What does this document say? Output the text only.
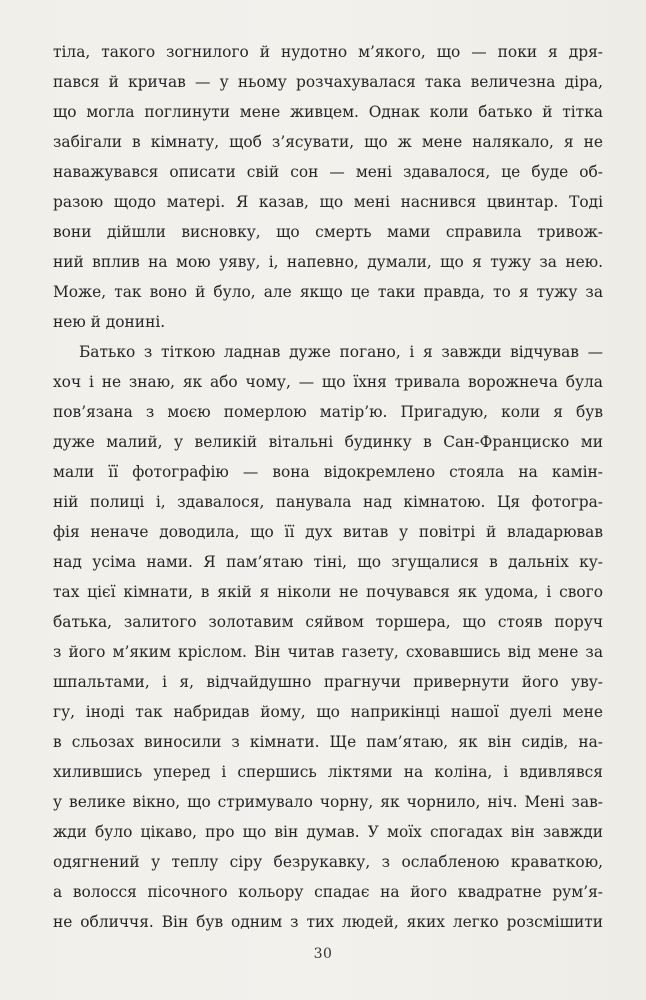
тіла, такого зогнилого й нудотно м’якого, що — поки я дря-
пався й кричав — у ньому розчахувалася така величезна діра,
що могла поглинути мене живцем. Однак коли батько й тітка
забігали в кімнату, щоб з’ясувати, що ж мене налякало, я не
наважувався описати свій сон — мені здавалося, це буде об-
разою щодо матері. Я казав, що мені наснився цвинтар. Тоді
вони дійшли висновку, що смерть мами справила тривож-
ний вплив на мою уяву, і, напевно, думали, що я тужу за нею.
Може, так воно й було, але якщо це таки правда, то я тужу за
нею й донині.
Батько з тіткою ладнав дуже погано, і я завжди відчував —
хоч і не знаю, як або чому, — що їхня тривала ворожнеча була
пов’язана з моєю померлою матір’ю. Пригадую, коли я був
дуже малий, у великій вітальні будинку в Сан-Франциско ми
мали її фотографію — вона відокремлено стояла на камін-
ній полиці і, здавалося, панувала над кімнатою. Ця фотогра-
фія неначе доводила, що її дух витав у повітрі й владарював
над усіма нами. Я пам’ятаю тіні, що згущалися в дальніх ку-
тах цієї кімнати, в якій я ніколи не почувався як удома, і свого
батька, залитого золотавим сяйвом торшера, що стояв поруч
з його м’яким кріслом. Він читав газету, сховавшись від мене за
шпальтами, і я, відчайдушно прагнучи привернути його уву-
гу, іноді так набридав йому, що наприкінці нашої дуелі мене
в сльозах виносили з кімнати. Ще пам’ятаю, як він сидів, на-
хилившись уперед і спершись ліктями на коліна, і вдивлявся
у велике вікно, що стримувало чорну, як чорнило, ніч. Мені зав-
жди було цікаво, про що він думав. У моїх спогадах він завжди
одягнений у теплу сіру безрукавку, з ослабленою краваткою,
а волосся пісочного кольору спадає на його квадратне рум’я-
не обличчя. Він був одним з тих людей, яких легко розсмішити
30
